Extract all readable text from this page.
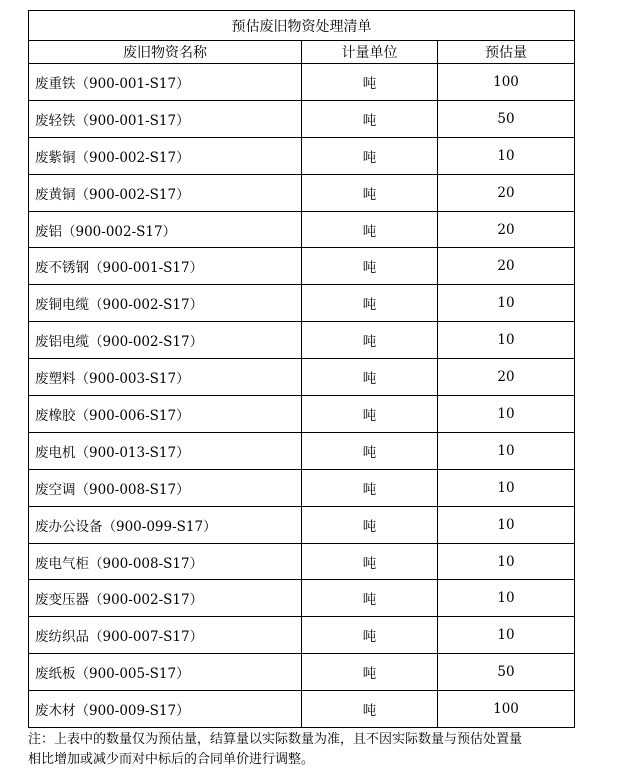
预估废旧物资处理清单		
废旧物资名称	计量单位	预估量
废重铁（900-001-S17）	吨	100
废轻铁（900-001-S17）	吨	50
废紫铜（900-002-S17）	吨	10
废黄铜（900-002-S17）	吨	20
废铝（900-002-S17）	吨	20
废不锈钢（900-001-S17）	吨	20
废铜电缆（900-002-S17）	吨	10
废铝电缆（900-002-S17）	吨	10
废塑料（900-003-S17）	吨	20
废橡胶（900-006-S17）	吨	10
废电机（900-013-S17）	吨	10
废空调（900-008-S17）	吨	10
废办公设备（900-099-S17）	吨	10
废电气柜（900-008-S17）	吨	10
废变压器（900-002-S17）	吨	10
废纺织品（900-007-S17）	吨	10
废纸板（900-005-S17）	吨	50
废木材（900-009-S17）	吨	100
注：上表中的数量仅为预估量，结算量以实际数量为准，且不因实际数量与预估处置量
相比增加或减少而对中标后的合同单价进行调整。
